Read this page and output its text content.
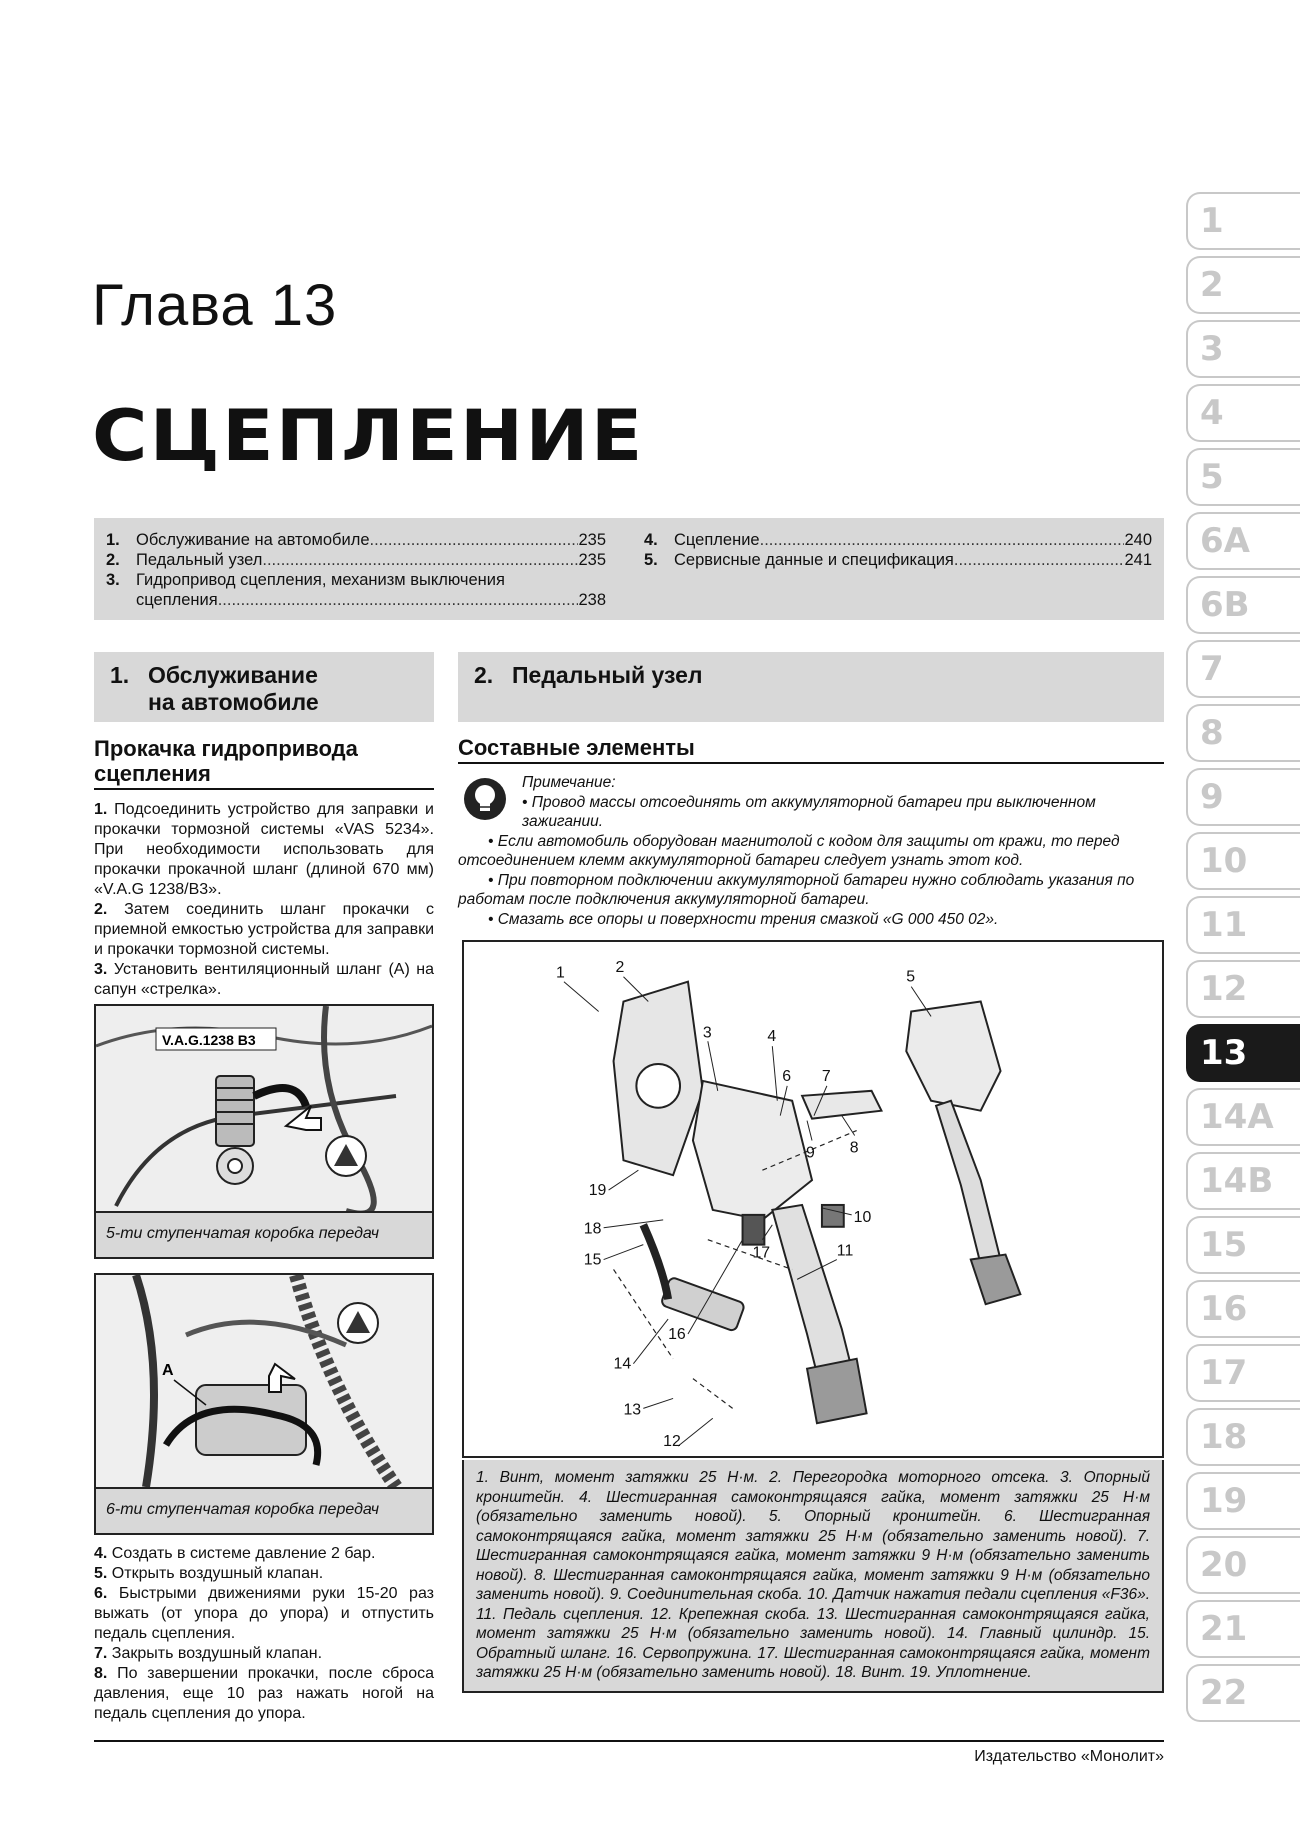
Глава 13
СЦЕПЛЕНИЕ
1. Обслуживание на автомобиле .....	235
2. Педальный узел .....	235
3. Гидропривод сцепления, механизм выключения
сцепления .....	238
4. Сцепление .....	240
5. Сервисные данные и спецификация .....	241
1
2
3
4
5
6A
6B
7
8
9
10
11
12
13
14A
14B
15
16
17
18
19
20
21
22
1. Обслуживание
на автомобиле
Прокачка гидропривода
сцепления
1. Подсоединить устройство для заправки и прокачки тормозной системы «VAS 5234». При необходимости использовать для прокачки прокачной шланг (длиной 670 мм) «V.A.G 1238/B3».
2. Затем соединить шланг прокачки с приемной емкостью устройства для заправки и прокачки тормозной системы.
3. Установить вентиляционный шланг (A) на сапун «стрелка».
V.A.G.1238 B3
5-ти ступенчатая коробка передач
A
6-ти ступенчатая коробка передач
4. Создать в системе давление 2 бар.
5. Открыть воздушный клапан.
6. Быстрыми движениями руки 15-20 раз выжать (от упора до упора) и отпустить педаль сцепления.
7. Закрыть воздушный клапан.
8. По завершении прокачки, после сброса давления, еще 10 раз нажать ногой на педаль сцепления до упора.
2. Педальный узел
Составные элементы
Примечание:
• Провод массы отсоединять от аккумуляторной батареи при выключенном зажигании.
• Если автомобиль оборудован магнитолой с кодом для защиты от кражи, то перед отсоединением клемм аккумуляторной батареи следует узнать этот код.
• При повторном подключении аккумуляторной батареи нужно соблюдать указания по работам после подключения аккумуляторной батареи.
• Смазать все опоры и поверхности трения смазкой «G 000 450 02».
1	2
3	4
5
6 7
8
9
10
11
12
13
14
15
16
17
18
19
1. Винт, момент затяжки 25 Н·м. 2. Перегородка моторного отсека. 3. Опорный кронштейн. 4. Шестигранная самоконтрящаяся гайка, момент затяжки 25 Н·м (обязательно заменить новой). 5. Опорный кронштейн. 6. Шестигранная самоконтрящаяся гайка, момент затяжки 25 Н·м (обязательно заменить новой). 7. Шестигранная самоконтрящаяся гайка, момент затяжки 9 Н·м (обязательно заменить новой). 8. Шестигранная самоконтрящаяся гайка, момент затяжки 9 Н·м (обязательно заменить новой). 9. Соединительная скоба. 10. Датчик нажатия педали сцепления «F36». 11. Педаль сцепления. 12. Крепежная скоба. 13. Шестигранная самоконтрящаяся гайка, момент затяжки 25 Н·м (обязательно заменить новой). 14. Главный цилиндр. 15. Обратный шланг. 16. Сервопружина. 17. Шестигранная самоконтрящаяся гайка, момент затяжки 25 Н·м (обязательно заменить новой). 18. Винт. 19. Уплотнение.
Издательство «Монолит»
